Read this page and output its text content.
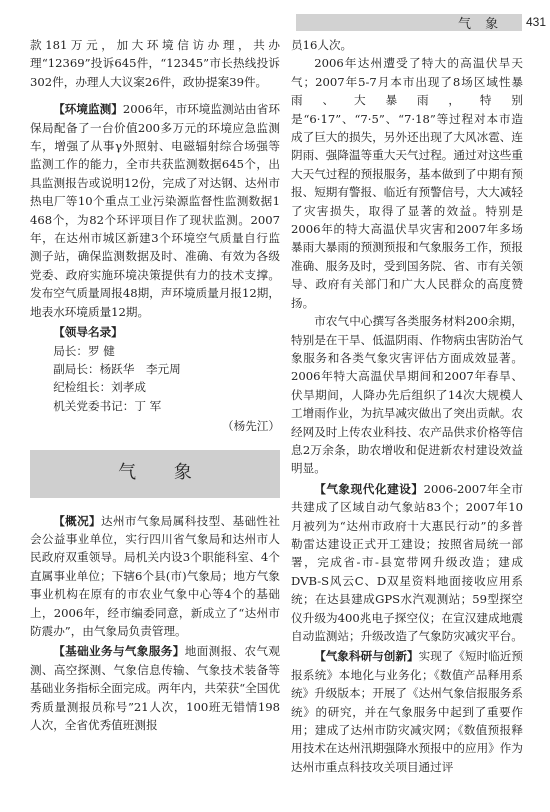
气 象 431

款181万元，加大环境信访办理，共办理“12369”投诉645件，“12345”市长热线投诉302件，办理人大议案26件，政协提案39件。

【环境监测】2006年，市环境监测站由省环保局配备了一台价值200多万元的环境应急监测车，增强了从事γ外照射、电磁辐射综合场强等监测工作的能力，全市共获监测数据645个，出具监测报告或说明12份，完成了对达钢、达州市热电厂等10个重点工业污染源监督性监测数据1 468个，为82个环评项目作了现状监测。2007年，在达州市城区新建3个环境空气质量自行监测子站，确保监测数据及时、准确、有效为各级党委、政府实施环境决策提供有力的技术支撑。发布空气质量周报48期，声环境质量月报12期，地表水环境质量12期。

【领导名录】

局长：罗 健

副局长：杨跃华　李元周

纪检组长：刘孝成

机关党委书记：丁 军

（杨先江）

气 象

【概况】达州市气象局属科技型、基础性社会公益事业单位，实行四川省气象局和达州市人民政府双重领导。局机关内设3个职能科室、4个直属事业单位；下辖6个县(市)气象局；地方气象事业机构在原有的市农业气象中心等4个的基础上，2006年，经市编委同意，新成立了“达州市防震办”，由气象局负责管理。

【基础业务与气象服务】地面测报、农气观测、高空探测、气象信息传输、气象技术装备等基础业务指标全面完成。两年内，共荣获“全国优秀质量测报员称号”21人次，100班无错情198人次，全省优秀值班测报

员16人次。

2006年达州遭受了特大的高温伏旱天气；2007年5-7月本市出现了8场区域性暴雨、大暴雨，特别是“6·17”、“7·5”、“7·18”等过程对本市造成了巨大的损失，另外还出现了大风冰雹、连阴雨、强降温等重大天气过程。通过对这些重大天气过程的预报服务，基本做到了中期有预报、短期有警报、临近有预警信号，大大减轻了灾害损失，取得了显著的效益。特别是2006年的特大高温伏旱灾害和2007年多场暴雨大暴雨的预测预报和气象服务工作，预报准确、服务及时，受到国务院、省、市有关领导、政府有关部门和广大人民群众的高度赞扬。

市农气中心撰写各类服务材料200余期，特别是在干旱、低温阴雨、作物病虫害防治气象服务和各类气象灾害评估方面成效显著。2006年特大高温伏旱期间和2007年春旱、伏旱期间，人降办先后组织了14次大规模人工增雨作业，为抗旱减灾做出了突出贡献。农经网及时上传农业科技、农产品供求价格等信息2万余条，助农增收和促进新农村建设效益明显。

【气象现代化建设】2006-2007年全市共建成了区域自动气象站83个；2007年10月被列为“达州市政府十大惠民行动”的多普勒雷达建设正式开工建设；按照省局统一部署，完成省-市-县宽带网升级改造；建成DVB-S风云C、D双星资料地面接收应用系统；在达县建成GPS水汽观测站；59型探空仪升级为400兆电子探空仪；在宣汉建成地震自动监测站；升级改造了气象防灾减灾平台。

【气象科研与创新】实现了《短时临近预报系统》本地化与业务化；《数值产品释用系统》升级版本；开展了《达州气象信报服务系统》的研究，并在气象服务中起到了重要作用；建成了达州市防灾减灾网；《数值预报释用技术在达州汛期强降水预报中的应用》作为达州市重点科技攻关项目通过评
